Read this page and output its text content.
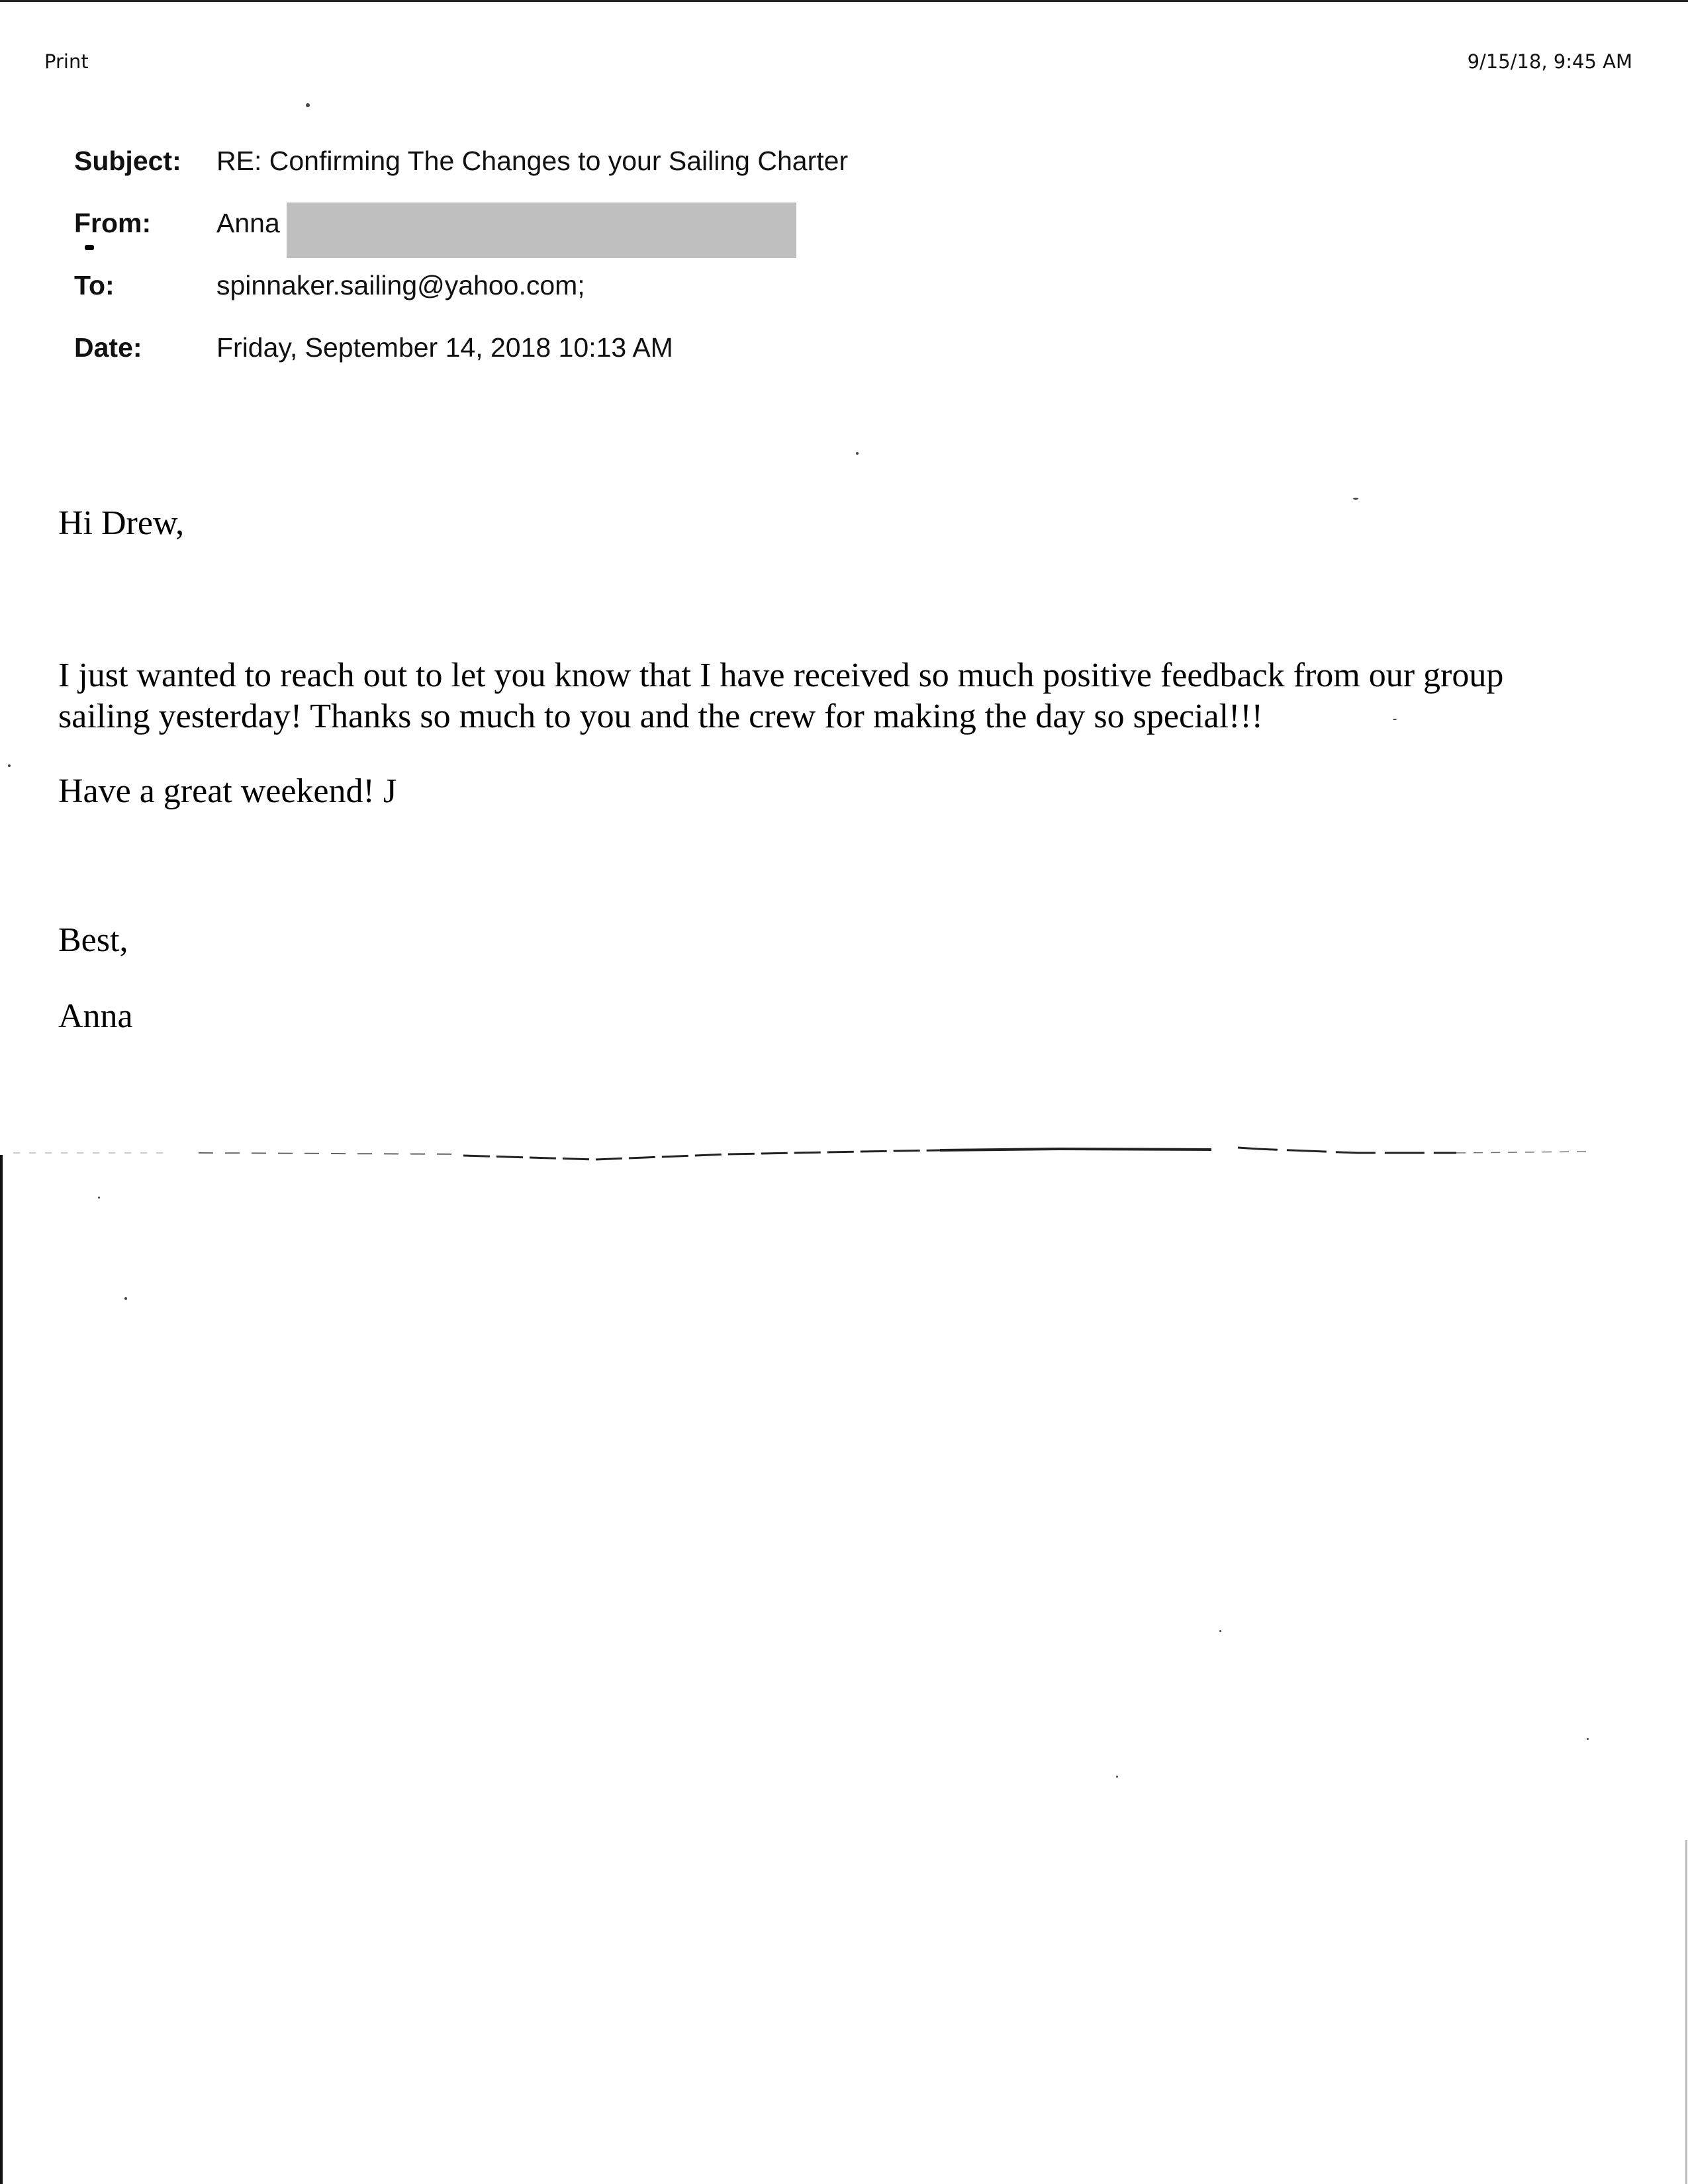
Print	9/15/18, 9:45 AM
Subject: RE: Confirming The Changes to your Sailing Charter
From: Anna
To:	spinnaker.sailing@yahoo.com;
Date:	Friday, September 14, 2018 10:13 AM
Hi Drew,
I just wanted to reach out to let you know that I have received so much positive feedback from our group
sailing yesterday! Thanks so much to you and the crew for making the day so special!!!
Have a great weekend! J
Best,
Anna
